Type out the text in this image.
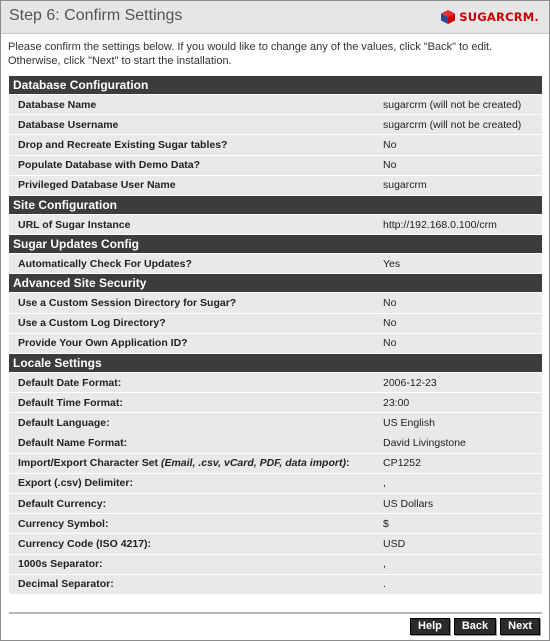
Step 6: Confirm Settings	SUGARCRM.
Please confirm the settings below. If you would like to change any of the values, click "Back" to edit. Otherwise, click "Next" to start the installation.
Database Configuration
Database Name	sugarcrm (will not be created)
Database Username	sugarcrm (will not be created)
Drop and Recreate Existing Sugar tables?	No
Populate Database with Demo Data?	No
Privileged Database User Name	sugarcrm
Site Configuration
URL of Sugar Instance	http://192.168.0.100/crm
Sugar Updates Config
Automatically Check For Updates?	Yes
Advanced Site Security
Use a Custom Session Directory for Sugar?	No
Use a Custom Log Directory?	No
Provide Your Own Application ID?	No
Locale Settings
Default Date Format:	2006-12-23
Default Time Format:	23:00
Default Language:	US English
Default Name Format:	David Livingstone
Import/Export Character Set (Email, .csv, vCard, PDF, data import):	CP1252
Export (.csv) Delimiter:	,
Default Currency:	US Dollars
Currency Symbol:	$
Currency Code (ISO 4217):	USD
1000s Separator:	,
Decimal Separator:	.
Help	Back	Next
